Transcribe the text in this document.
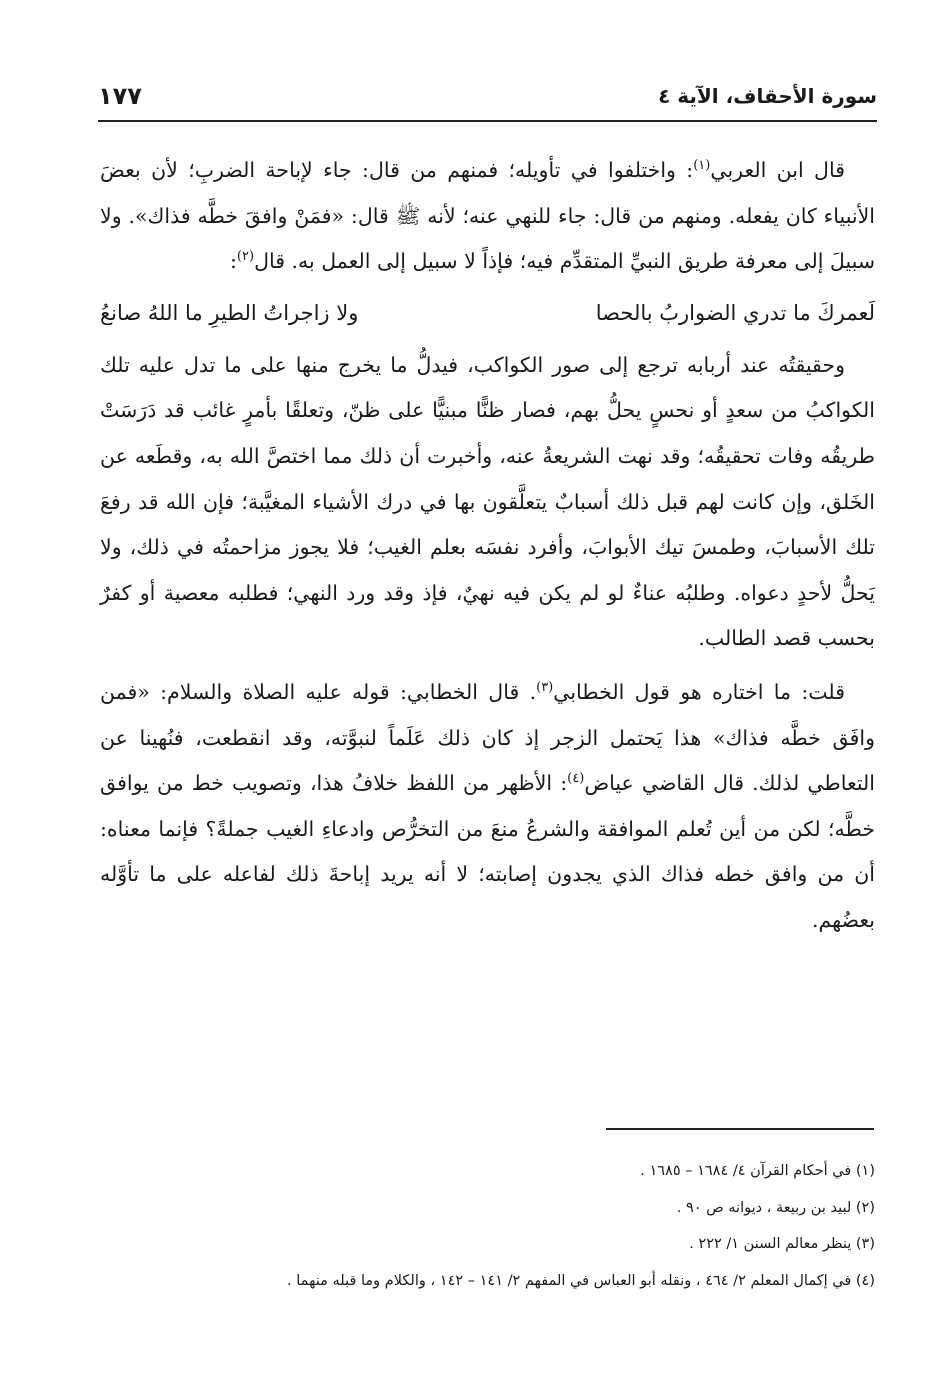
سورة الأحقاف، الآية ٤
١٧٧

قال ابن العربي$^{(١)}$: واختلفوا في تأويله؛ فمنهم من قال: جاء لإباحة الضربِ؛ لأن بعضَ الأنبياء كان يفعله. ومنهم من قال: جاء للنهي عنه؛ لأنه ﷺ قال: «فمَنْ وافقَ خطَّه فذاك». ولا سبيلَ إلى معرفة طريق النبيِّ المتقدِّم فيه؛ فإذاً لا سبيل إلى العمل به. قال$^{(٢)}$:

لَعمركَ ما تدري الضواربُ بالحصا
ولا زاجراتُ الطيرِ ما اللهُ صانعُ

وحقيقتُه عند أربابه ترجع إلى صور الكواكب، فيدلُّ ما يخرج منها على ما تدل عليه تلك الكواكبُ من سعدٍ أو نحسٍ يحلُّ بهم، فصار ظنًّا مبنيًّا على ظنّ، وتعلقًا بأمرٍ غائب قد دَرَسَتْ طريقُه وفات تحقيقُه؛ وقد نهت الشريعةُ عنه، وأخبرت أن ذلك مما اختصَّ الله به، وقطَعه عن الخَلق، وإن كانت لهم قبل ذلك أسبابٌ يتعلَّقون بها في درك الأشياء المغيَّبة؛ فإن الله قد رفعَ تلك الأسبابَ، وطمسَ تيك الأبوابَ، وأفرد نفسَه بعلم الغيب؛ فلا يجوز مزاحمتُه في ذلك، ولا يَحلُّ لأحدٍ دعواه. وطلبُه عناءٌ لو لم يكن فيه نهيٌ، فإذ وقد ورد النهي؛ فطلبه معصية أو كفرٌ بحسب قصد الطالب.

قلت: ما اختاره هو قول الخطابي$^{(٣)}$. قال الخطابي: قوله عليه الصلاة والسلام: «فمن وافَق خطَّه فذاك» هذا يَحتمل الزجر إذ كان ذلك عَلَماً لنبوَّته، وقد انقطعت، فنُهينا عن التعاطي لذلك. قال القاضي عياض$^{(٤)}$: الأظهر من اللفظ خلافُ هذا، وتصويب خط من يوافق خطَّه؛ لكن من أين تُعلم الموافقة والشرعُ منعَ من التخرُّص وادعاءِ الغيب جملةً؟ فإنما معناه: أن من وافق خطه فذاك الذي يجدون إصابته؛ لا أنه يريد إباحةَ ذلك لفاعله على ما تأوَّله بعضُهم.

(١) في أحكام القرآن ٤/ ١٦٨٤ – ١٦٨٥ .
(٢) لبيد بن ربيعة ، ديوانه ص ٩٠ .
(٣) ينظر معالم السنن ١/ ٢٢٢ .
(٤) في إكمال المعلم ٢/ ٤٦٤ ، ونقله أبو العباس في المفهم ٢/ ١٤١ – ١٤٢ ، والكلام وما قبله منهما .
